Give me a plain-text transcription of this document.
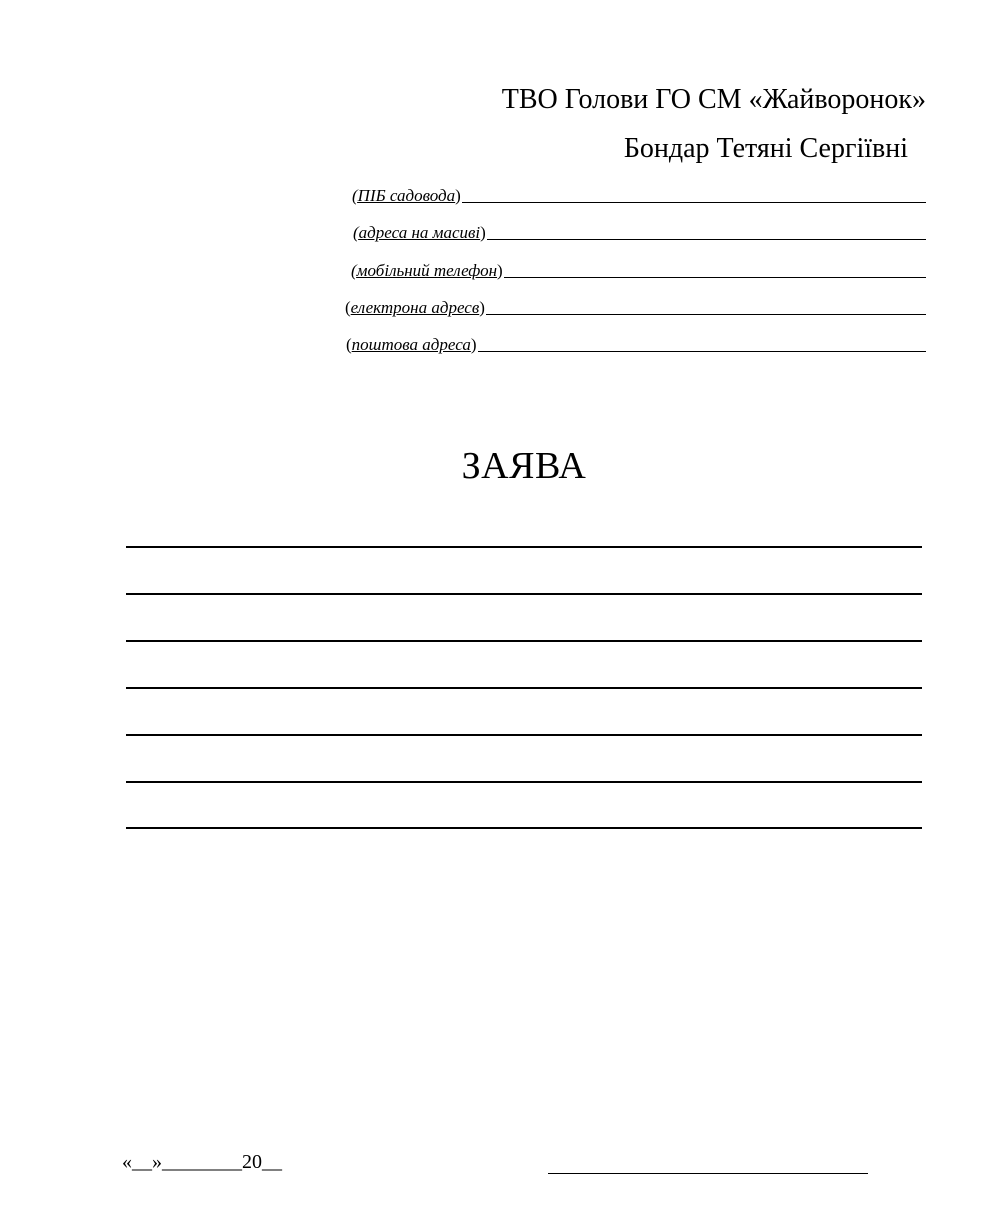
ТВО Голови ГО СМ «Жайворонок»
Бондар Тетяні Сергіївні
( ПІБ садовода )
( адреса на масиві )
( мобільний телефон )
( електрона адресв )
( поштова адреса )
ЗАЯВА
«__»________20__
